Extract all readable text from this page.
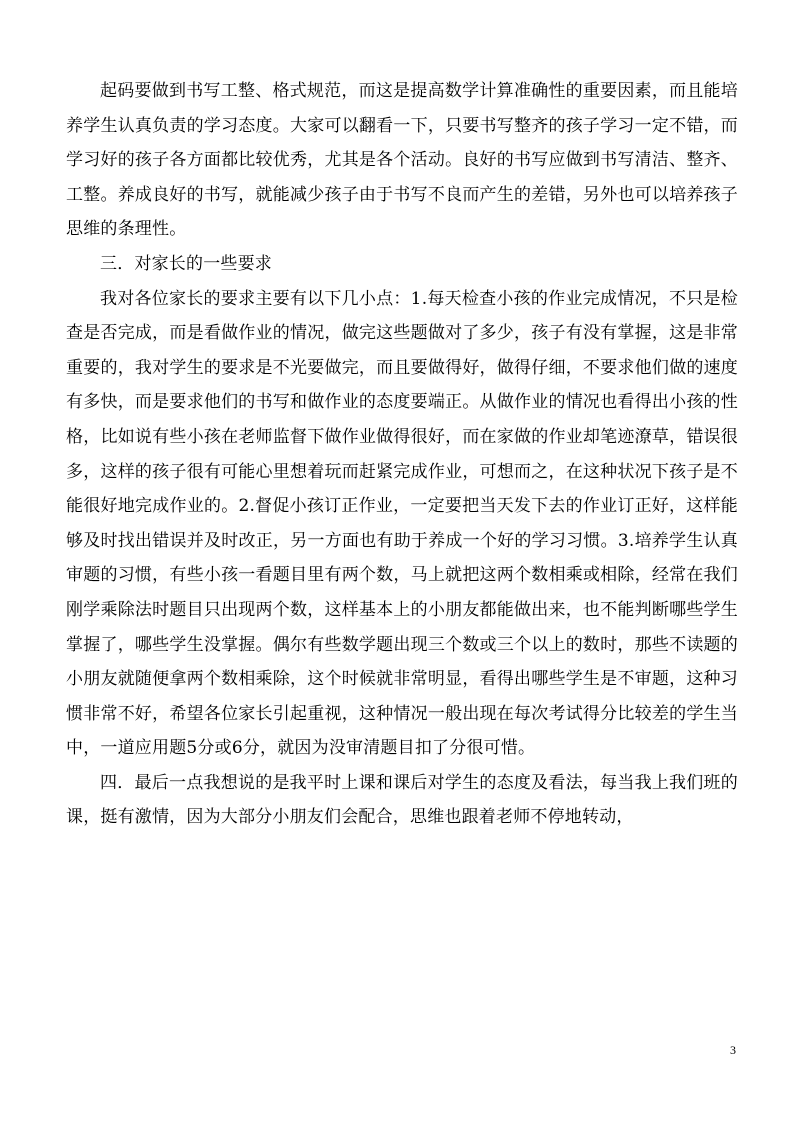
起码要做到书写工整、格式规范，而这是提高数学计算准确性的重要因素，而且能培养学生认真负责的学习态度。大家可以翻看一下，只要书写整齐的孩子学习一定不错，而学习好的孩子各方面都比较优秀，尤其是各个活动。良好的书写应做到书写清洁、整齐、工整。养成良好的书写，就能减少孩子由于书写不良而产生的差错，另外也可以培养孩子思维的条理性。

三．对家长的一些要求

我对各位家长的要求主要有以下几小点：1.每天检查小孩的作业完成情况，不只是检查是否完成，而是看做作业的情况，做完这些题做对了多少，孩子有没有掌握，这是非常重要的，我对学生的要求是不光要做完，而且要做得好，做得仔细，不要求他们做的速度有多快，而是要求他们的书写和做作业的态度要端正。从做作业的情况也看得出小孩的性格，比如说有些小孩在老师监督下做作业做得很好，而在家做的作业却笔迹潦草，错误很多，这样的孩子很有可能心里想着玩而赶紧完成作业，可想而之，在这种状况下孩子是不能很好地完成作业的。2.督促小孩订正作业，一定要把当天发下去的作业订正好，这样能够及时找出错误并及时改正，另一方面也有助于养成一个好的学习习惯。3.培养学生认真审题的习惯，有些小孩一看题目里有两个数，马上就把这两个数相乘或相除，经常在我们刚学乘除法时题目只出现两个数，这样基本上的小朋友都能做出来，也不能判断哪些学生掌握了，哪些学生没掌握。偶尔有些数学题出现三个数或三个以上的数时，那些不读题的小朋友就随便拿两个数相乘除，这个时候就非常明显，看得出哪些学生是不审题，这种习惯非常不好，希望各位家长引起重视，这种情况一般出现在每次考试得分比较差的学生当中，一道应用题5分或6分，就因为没审清题目扣了分很可惜。

四．最后一点我想说的是我平时上课和课后对学生的态度及看法，每当我上我们班的课，挺有激情，因为大部分小朋友们会配合，思维也跟着老师不停地转动，

3
